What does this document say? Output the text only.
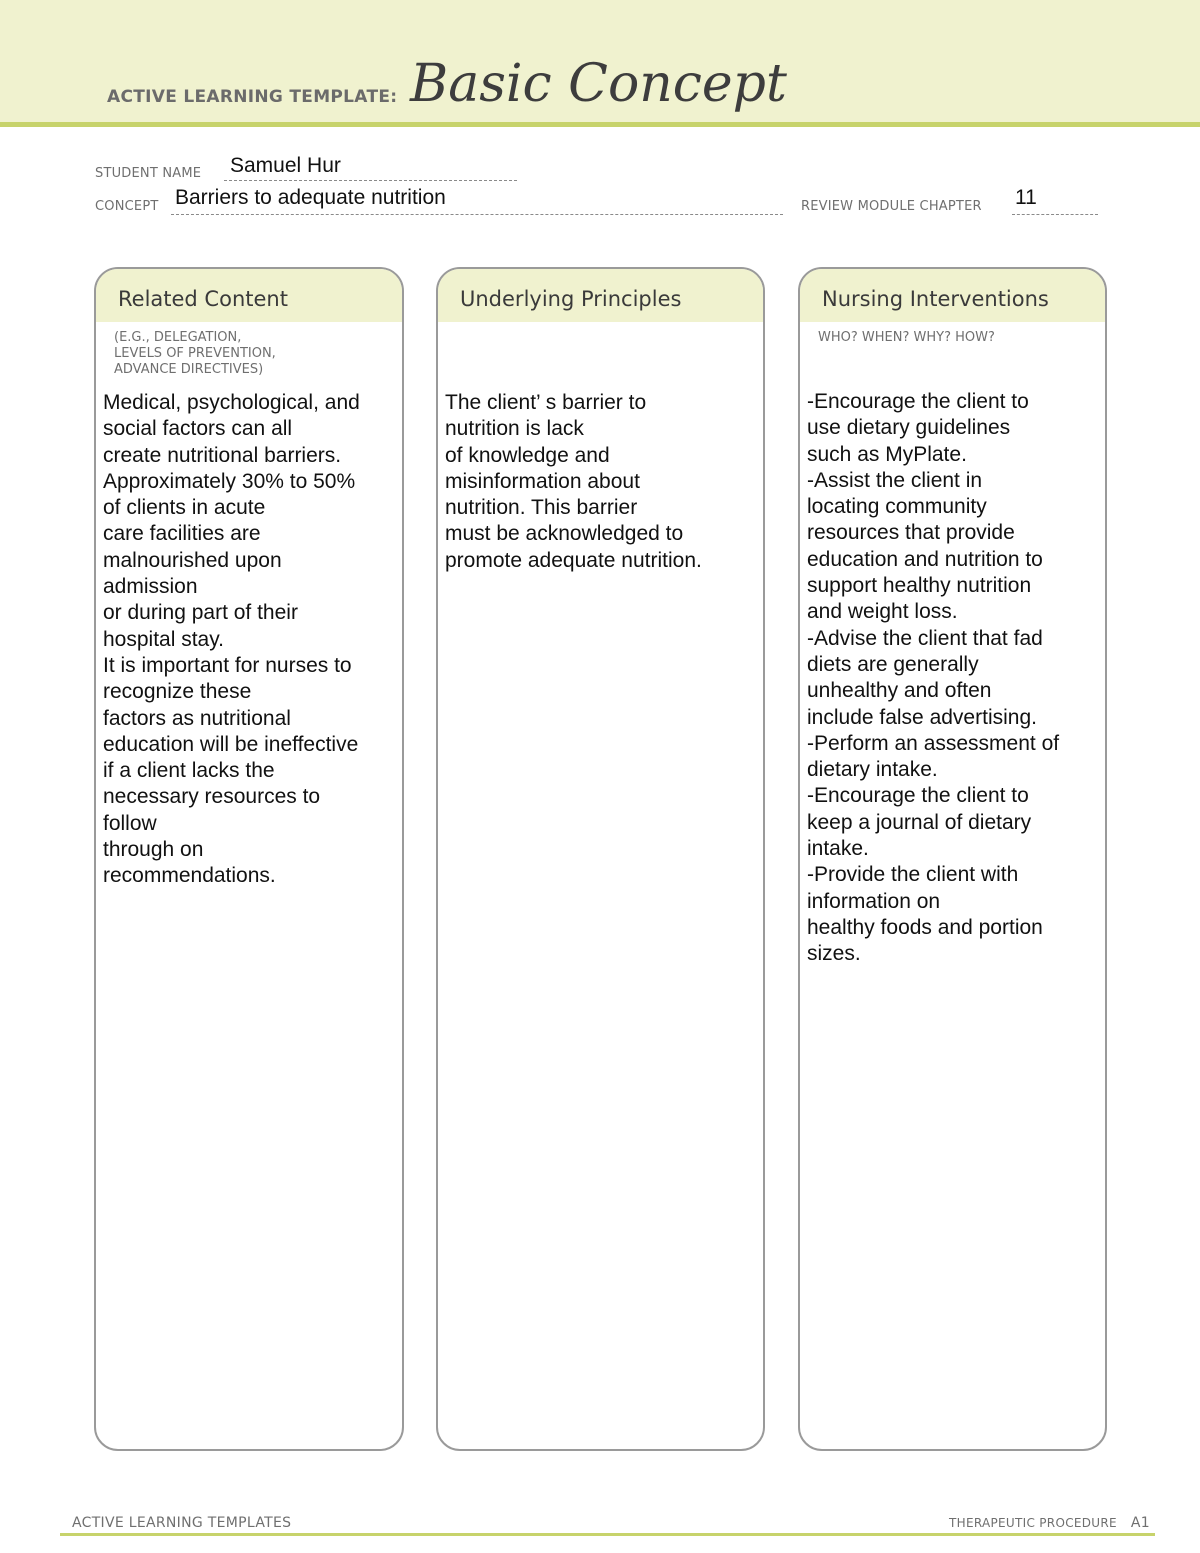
ACTIVE LEARNING TEMPLATE: Basic Concept
STUDENT NAME Samuel Hur
CONCEPT Barriers to adequate nutrition	REVIEW MODULE CHAPTER 11
Related Content
(E.G., DELEGATION,
LEVELS OF PREVENTION,
ADVANCE DIRECTIVES)
Medical, psychological, and
social factors can all
create nutritional barriers.
Approximately 30% to 50%
of clients in acute
care facilities are
malnourished upon
admission
or during part of their
hospital stay.
It is important for nurses to
recognize these
factors as nutritional
education will be ineffective
if a client lacks the
necessary resources to
follow
through on
recommendations.
Underlying Principles
The client’ s barrier to
nutrition is lack
of knowledge and
misinformation about
nutrition. This barrier
must be acknowledged to
promote adequate nutrition.
Nursing Interventions
WHO? WHEN? WHY? HOW?
-Encourage the client to
use dietary guidelines
such as MyPlate.
-Assist the client in
locating community
resources that provide
education and nutrition to
support healthy nutrition
and weight loss.
-Advise the client that fad
diets are generally
unhealthy and often
include false advertising.
-Perform an assessment of
dietary intake.
-Encourage the client to
keep a journal of dietary
intake.
-Provide the client with
information on
healthy foods and portion
sizes.
ACTIVE LEARNING TEMPLATES	THERAPEUTIC PROCEDURE A1
